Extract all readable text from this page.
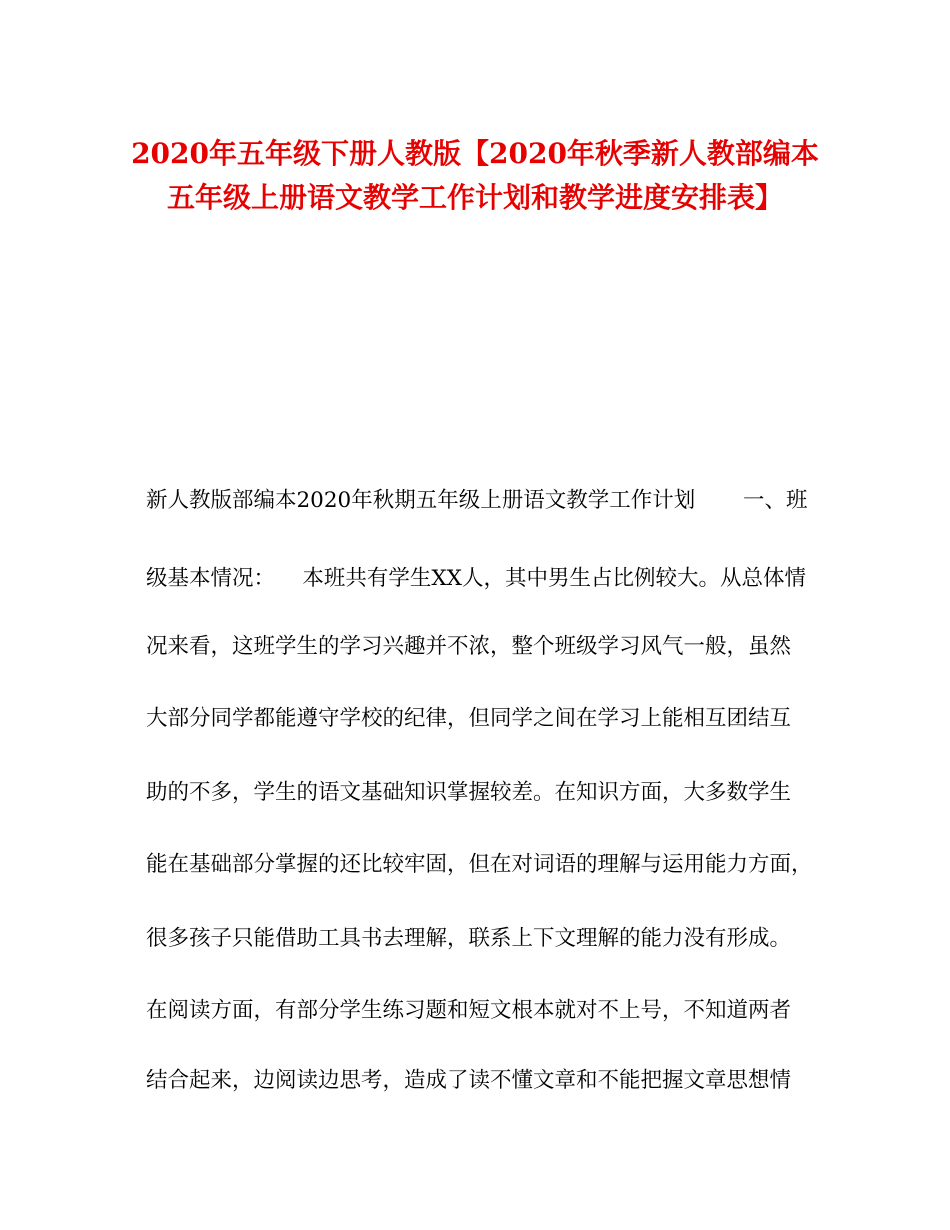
2020年五年级下册人教版【2020年秋季新人教部编本
五年级上册语文教学工作计划和教学进度安排表】
新人教版部编本2020年秋期五年级上册语文教学工作计划       一、班
级基本情况：    本班共有学生XX人，其中男生占比例较大。从总体情
况来看，这班学生的学习兴趣并不浓，整个班级学习风气一般，虽然
大部分同学都能遵守学校的纪律，但同学之间在学习上能相互团结互
助的不多，学生的语文基础知识掌握较差。在知识方面，大多数学生
能在基础部分掌握的还比较牢固，但在对词语的理解与运用能力方面，
很多孩子只能借助工具书去理解，联系上下文理解的能力没有形成。
在阅读方面，有部分学生练习题和短文根本就对不上号，不知道两者
结合起来，边阅读边思考，造成了读不懂文章和不能把握文章思想情
